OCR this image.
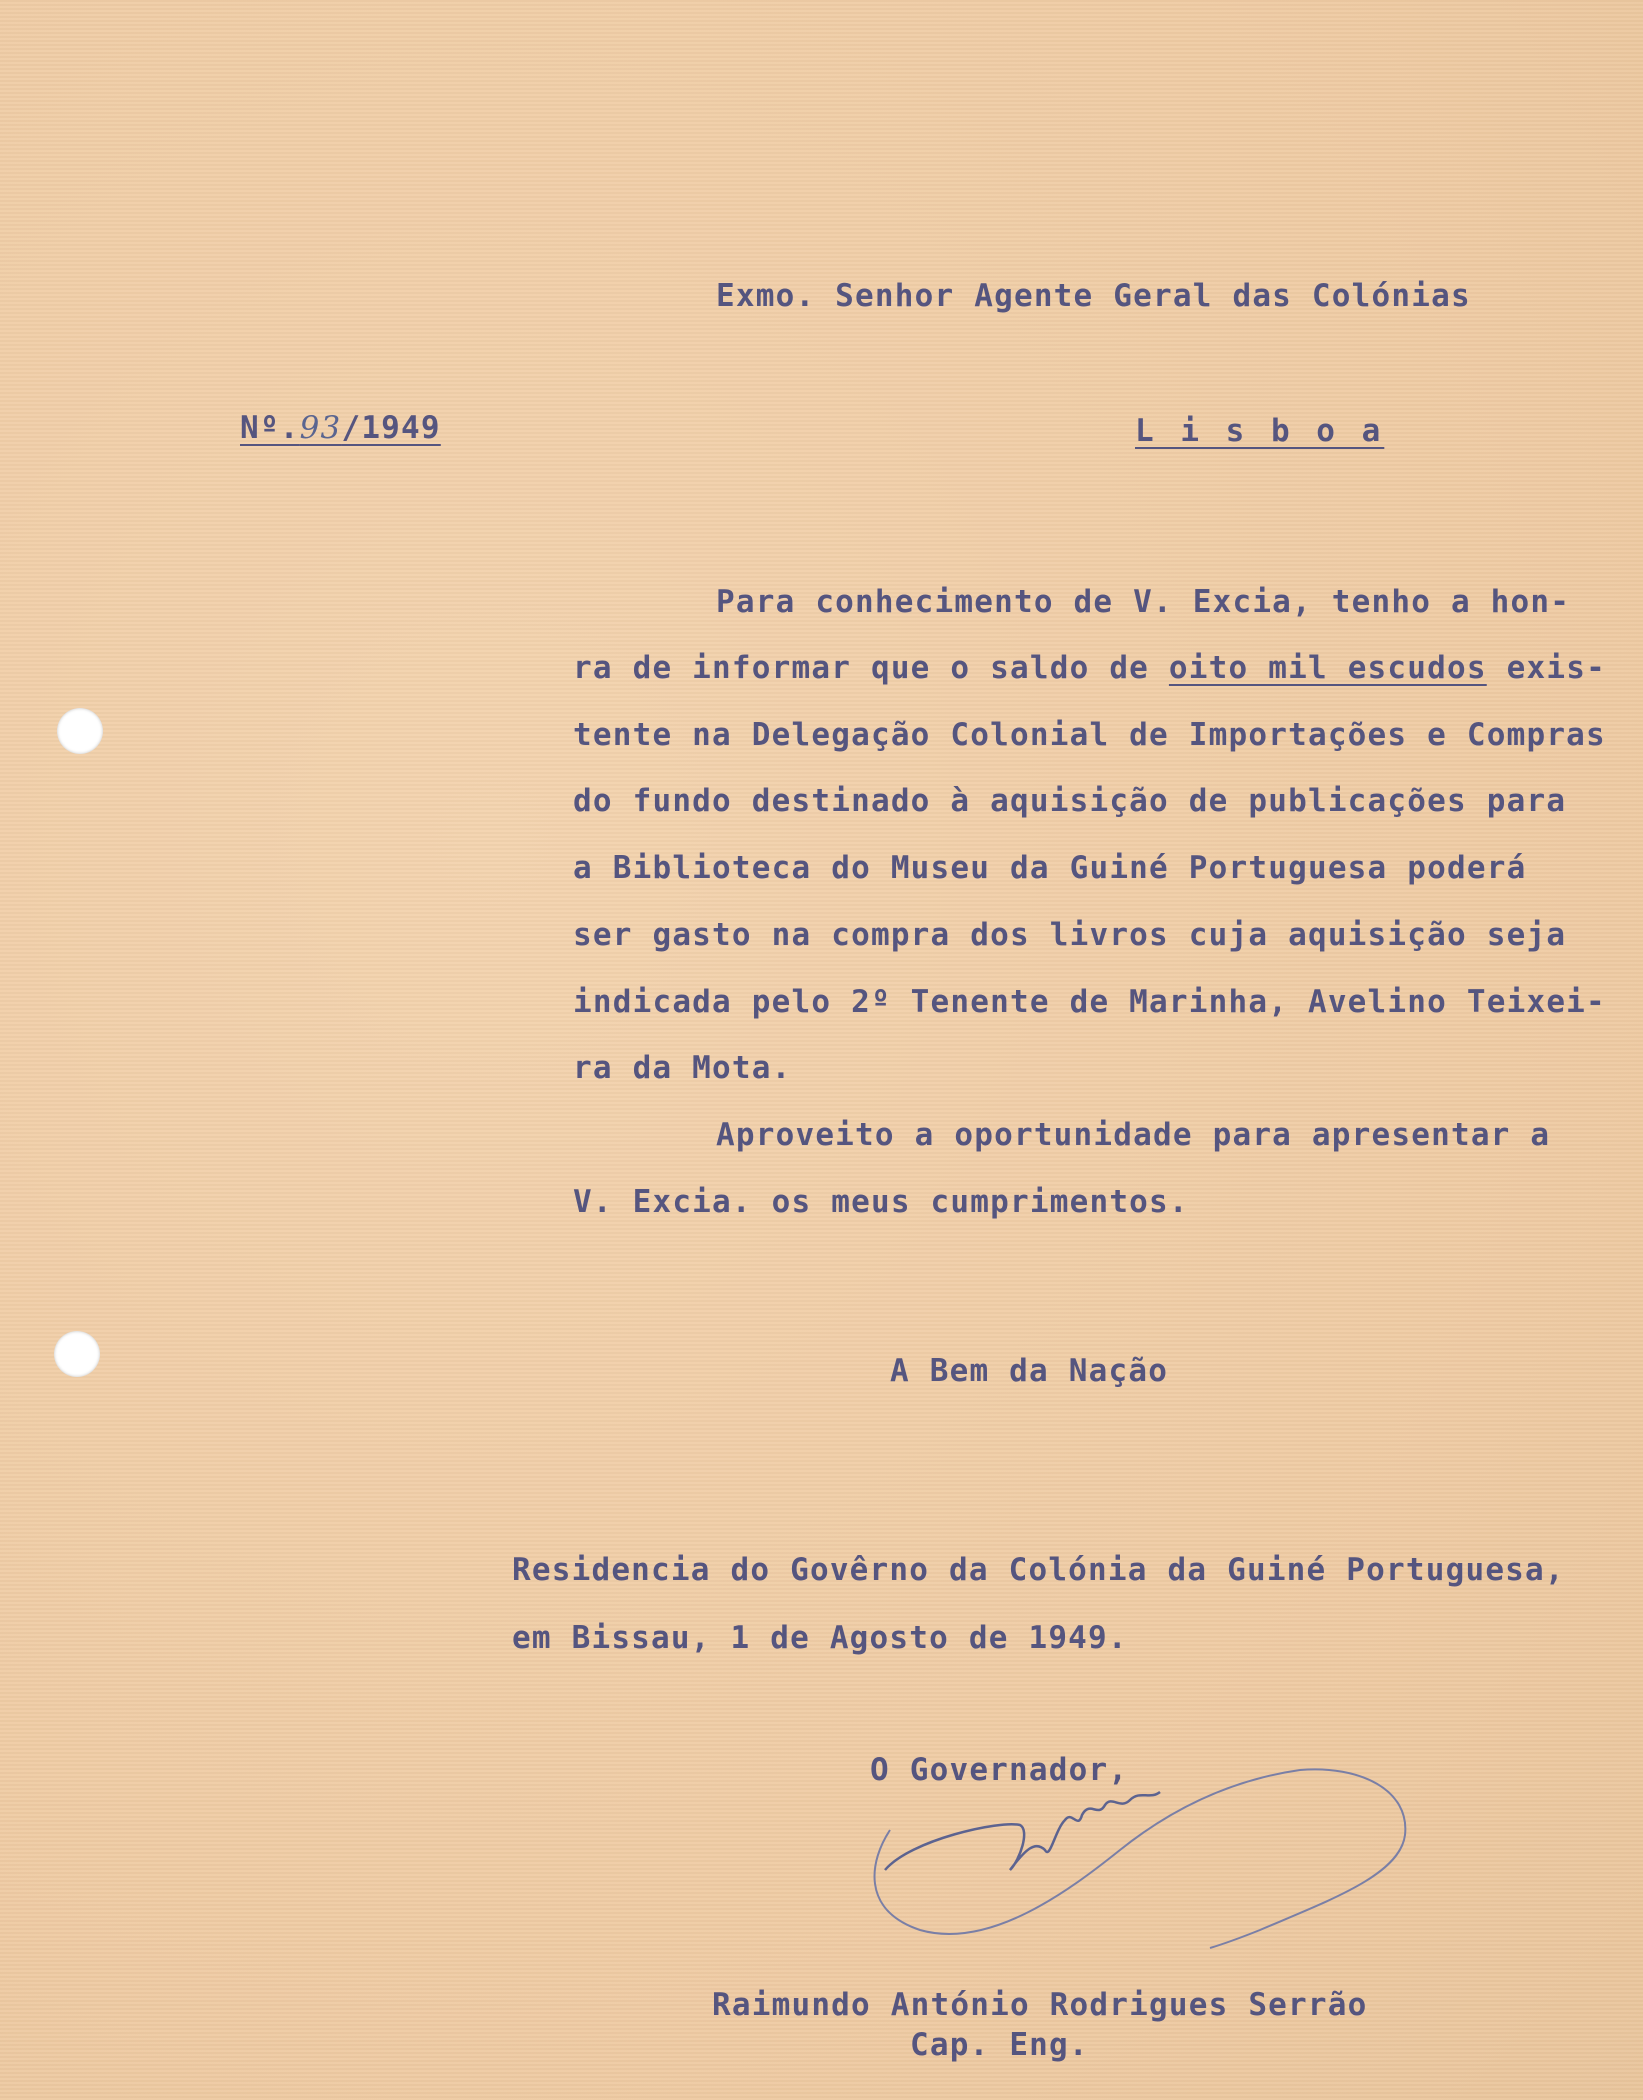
Exmo. Senhor Agente Geral das Colónias
Nº.93/1949	L i s b o a
Para conhecimento de V. Excia, tenho a hon-
ra de informar que o saldo de oito mil escudos exis-
tente na Delegação Colonial de Importações e Compras
do fundo destinado à aquisição de publicações para
a Biblioteca do Museu da Guiné Portuguesa poderá
ser gasto na compra dos livros cuja aquisição seja
indicada pelo 2º Tenente de Marinha, Avelino Teixei-
ra da Mota.
Aproveito a oportunidade para apresentar a
V. Excia. os meus cumprimentos.
A Bem da Nação
Residencia do Govêrno da Colónia da Guiné Portuguesa,
em Bissau, 1 de Agosto de 1949.
O Governador,
Raimundo António Rodrigues Serrão
Cap. Eng.
